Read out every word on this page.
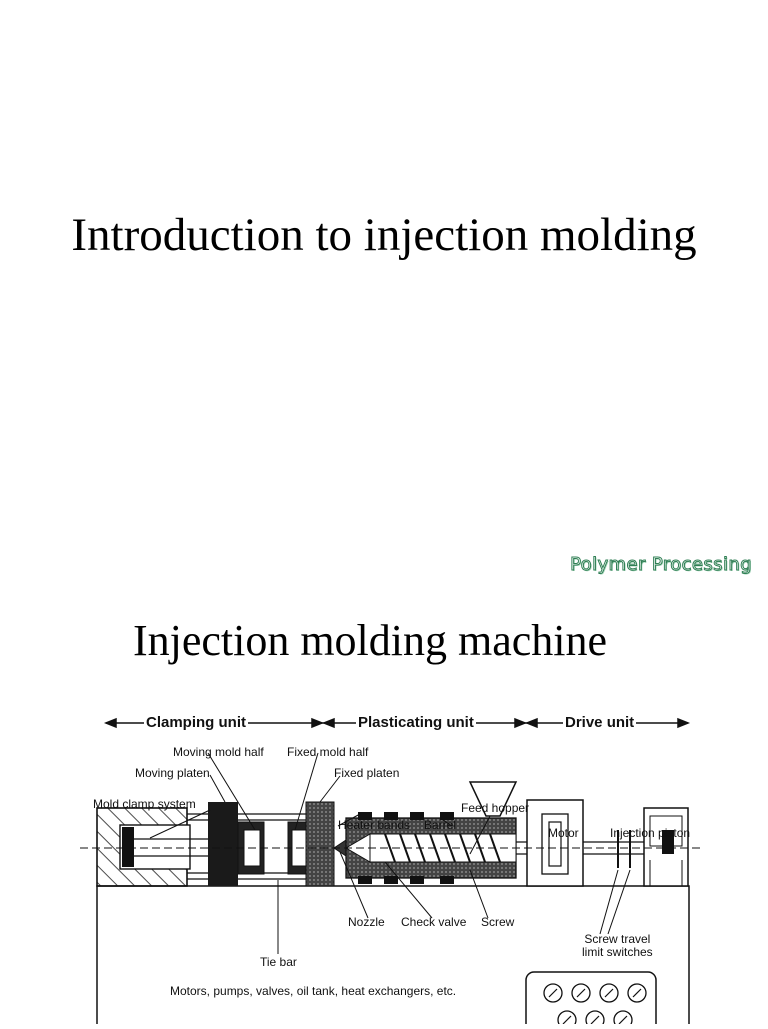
Introduction to injection molding
Polymer Processing
Injection molding machine
Clamping unit	Plasticating unit	Drive unit
Moving mold half Fixed mold half
Moving platen	Fixed platen
Mold clamp system	Feed hopper
Heater bands Barrel
Motor	Injection piston
Nozzle Check valve Screw
Screw travel
limit switches
Tie bar
Motors, pumps, valves, oil tank, heat exchangers, etc.
